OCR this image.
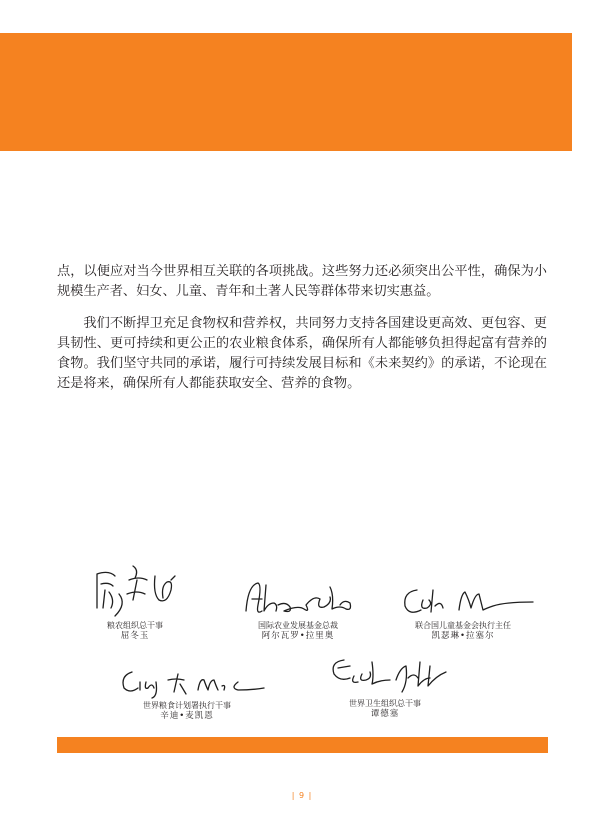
点，以便应对当今世界相互关联的各项挑战。这些努力还必须突出公平性，确保为小规模生产者、妇女、儿童、青年和土著人民等群体带来切实惠益。

我们不断捍卫充足食物权和营养权，共同努力支持各国建设更高效、更包容、更具韧性、更可持续和更公正的农业粮食体系，确保所有人都能够负担得起富有营养的食物。我们坚守共同的承诺，履行可持续发展目标和《未来契约》的承诺，不论现在还是将来，确保所有人都能获取安全、营养的食物。

粮农组织总干事
屈冬玉
国际农业发展基金总裁
阿尔瓦罗•拉里奥
联合国儿童基金会执行主任
凯瑟琳•拉塞尔
世界粮食计划署执行干事
辛迪•麦凯恩
世界卫生组织总干事
谭德塞
| 9 |
